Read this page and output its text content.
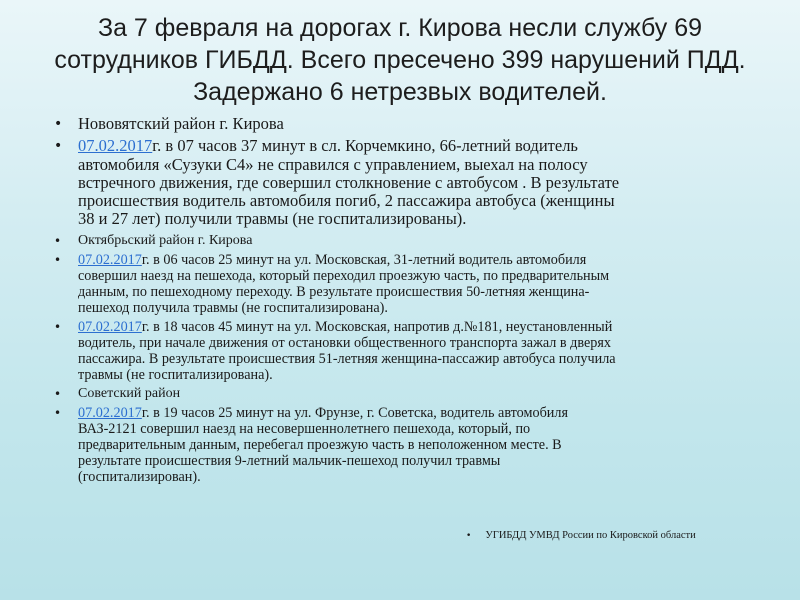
За 7 февраля на дорогах г. Кирова несли службу 69
сотрудников ГИБДД. Всего пресечено 399 нарушений ПДД.
Задержано 6 нетрезвых водителей.
• Нововятский район г. Кирова
• 07.02.2017г. в 07 часов 37 минут в сл. Корчемкино, 66-летний водитель
автомобиля «Сузуки С4» не справился с управлением, выехал на полосу
встречного движения, где совершил столкновение с автобусом . В результате
происшествия водитель автомобиля погиб, 2 пассажира автобуса (женщины
38 и 27 лет) получили травмы (не госпитализированы).
• Октябрьский район г. Кирова
• 07.02.2017г. в 06 часов 25 минут на ул. Московская, 31-летний водитель автомобиля
совершил наезд на пешехода, который переходил проезжую часть, по предварительным
данным, по пешеходному переходу. В результате происшествия 50-летняя женщина-
пешеход получила травмы (не госпитализирована).
• 07.02.2017г. в 18 часов 45 минут на ул. Московская, напротив д.№181, неустановленный
водитель, при начале движения от остановки общественного транспорта зажал в дверях
пассажира. В результате происшествия 51-летняя женщина-пассажир автобуса получила
травмы (не госпитализирована).
• Советский район
• 07.02.2017г. в 19 часов 25 минут на ул. Фрунзе, г. Советска, водитель автомобиля
ВАЗ-2121 совершил наезд на несовершеннолетнего пешехода, который, по
предварительным данным, перебегал проезжую часть в неположенном месте. В
результате происшествия 9-летний мальчик-пешеход получил травмы
(госпитализирован).
• УГИБДД УМВД России по Кировской области
